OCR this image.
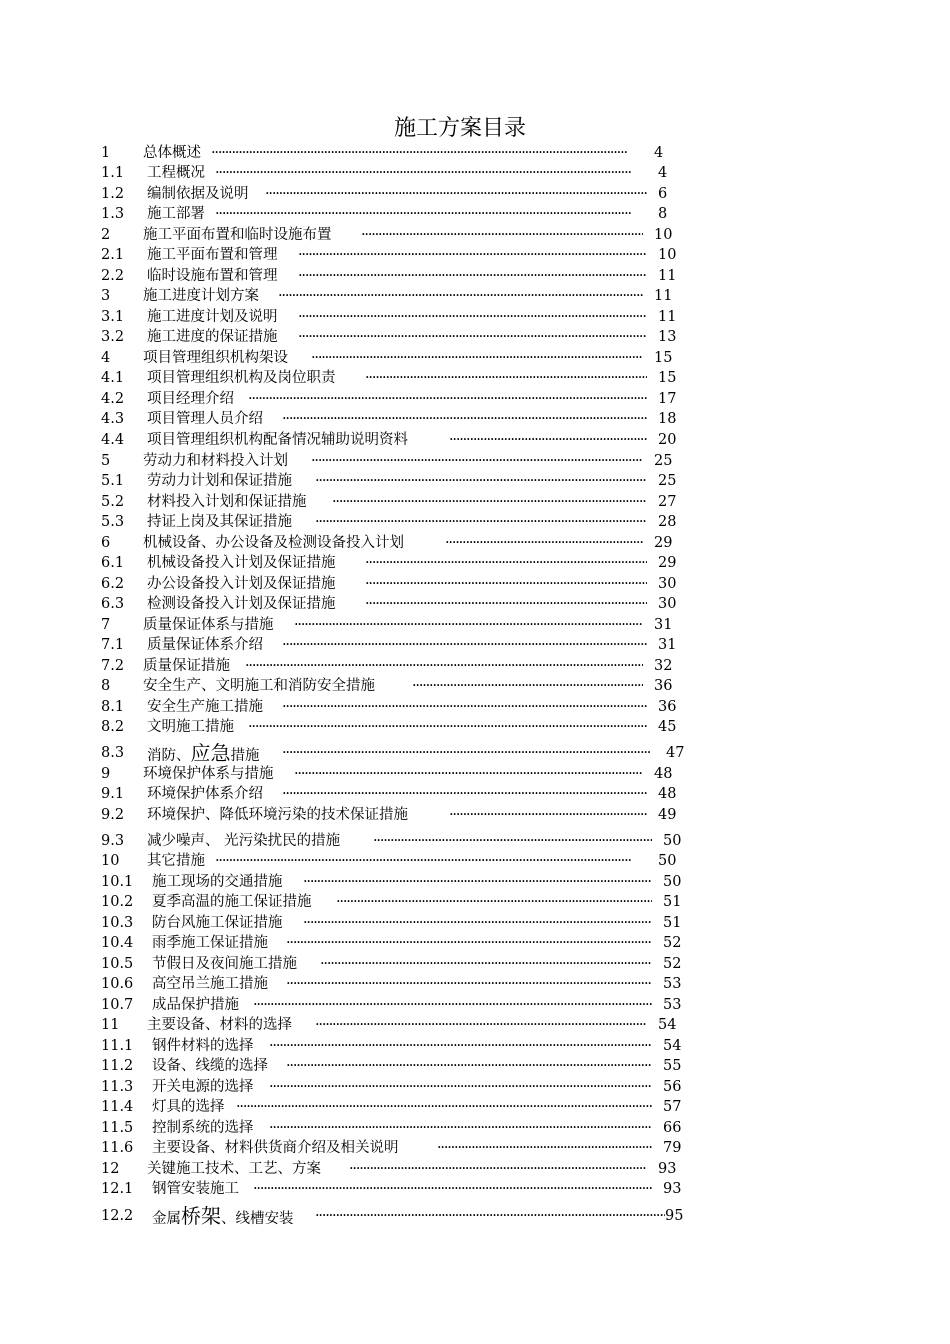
施工方案目录
1 总体概述 ·····	4
1.1 工程概况 ·····	4
1.2 编制依据及说明 ·····	6
1.3 施工部署 ·····	8
2 施工平面布置和临时设施布置 ·····	10
2.1 施工平面布置和管理 ·····	10
2.2 临时设施布置和管理 ·····	11
3 施工进度计划方案 ·····	11
3.1 施工进度计划及说明 ·····	11
3.2 施工进度的保证措施 ·····	13
4 项目管理组织机构架设 ·····	15
4.1 项目管理组织机构及岗位职责 ·····	15
4.2 项目经理介绍 ·····	17
4.3 项目管理人员介绍 ·····	18
4.4 项目管理组织机构配备情况辅助说明资料 ·····	20
5 劳动力和材料投入计划 ·····	25
5.1 劳动力计划和保证措施 ·····	25
5.2 材料投入计划和保证措施 ·····	27
5.3 持证上岗及其保证措施 ·····	28
6 机械设备、办公设备及检测设备投入计划 ·····	29
6.1 机械设备投入计划及保证措施 ·····	29
6.2 办公设备投入计划及保证措施 ·····	30
6.3 检测设备投入计划及保证措施 ·····	30
7 质量保证体系与措施 ·····	31
7.1 质量保证体系介绍 ·····	31
7.2 质量保证措施 ·····	32
8 安全生产、文明施工和消防安全措施 ·····	36
8.1 安全生产施工措施 ·····	36
8.2 文明施工措施 ·····	45
8.3 消防、应急措施 ·····	47
9 环境保护体系与措施 ·····	48
9.1 环境保护体系介绍 ·····	48
9.2 环境保护、降低环境污染的技术保证措施 ·····	49
9.3 减少噪声、 光污染扰民的措施 ·····	50
10 其它措施 ·····	50
10.1 施工现场的交通措施 ·····	50
10.2 夏季高温的施工保证措施 ·····	51
10.3 防台风施工保证措施 ·····	51
10.4 雨季施工保证措施 ·····	52
10.5 节假日及夜间施工措施 ·····	52
10.6 高空吊兰施工措施 ·····	53
10.7 成品保护措施 ·····	53
11 主要设备、材料的选择 ·····	54
11.1 钢件材料的选择 ·····	54
11.2 设备、线缆的选择 ·····	55
11.3 开关电源的选择 ·····	56
11.4 灯具的选择 ·····	57
11.5 控制系统的选择 ·····	66
11.6 主要设备、材料供货商介绍及相关说明 ·····	79
12 关键施工技术、工艺、方案 ·····	93
12.1 钢管安装施工 ·····	93
12.2 金属桥架、线槽安装 ·····	95
